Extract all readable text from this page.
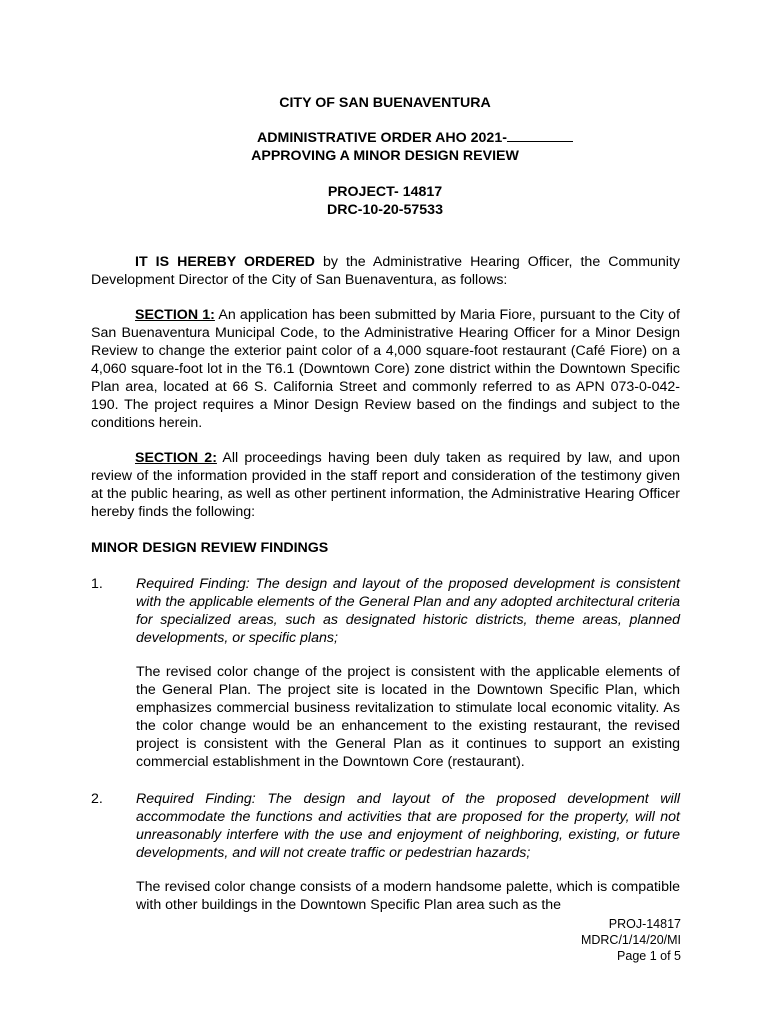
CITY OF SAN BUENAVENTURA
ADMINISTRATIVE ORDER AHO 2021-
APPROVING A MINOR DESIGN REVIEW
PROJECT- 14817
DRC-10-20-57533
IT IS HEREBY ORDERED by the Administrative Hearing Officer, the Community Development Director of the City of San Buenaventura, as follows:
SECTION 1: An application has been submitted by Maria Fiore, pursuant to the City of San Buenaventura Municipal Code, to the Administrative Hearing Officer for a Minor Design Review to change the exterior paint color of a 4,000 square-foot restaurant (Café Fiore) on a 4,060 square-foot lot in the T6.1 (Downtown Core) zone district within the Downtown Specific Plan area, located at 66 S. California Street and commonly referred to as APN 073-0-042-190. The project requires a Minor Design Review based on the findings and subject to the conditions herein.
SECTION 2: All proceedings having been duly taken as required by law, and upon review of the information provided in the staff report and consideration of the testimony given at the public hearing, as well as other pertinent information, the Administrative Hearing Officer hereby finds the following:
MINOR DESIGN REVIEW FINDINGS
1. Required Finding: The design and layout of the proposed development is consistent with the applicable elements of the General Plan and any adopted architectural criteria for specialized areas, such as designated historic districts, theme areas, planned developments, or specific plans;
The revised color change of the project is consistent with the applicable elements of the General Plan. The project site is located in the Downtown Specific Plan, which emphasizes commercial business revitalization to stimulate local economic vitality. As the color change would be an enhancement to the existing restaurant, the revised project is consistent with the General Plan as it continues to support an existing commercial establishment in the Downtown Core (restaurant).
2. Required Finding: The design and layout of the proposed development will accommodate the functions and activities that are proposed for the property, will not unreasonably interfere with the use and enjoyment of neighboring, existing, or future developments, and will not create traffic or pedestrian hazards;
The revised color change consists of a modern handsome palette, which is compatible with other buildings in the Downtown Specific Plan area such as the
PROJ-14817
MDRC/1/14/20/MI
Page 1 of 5
